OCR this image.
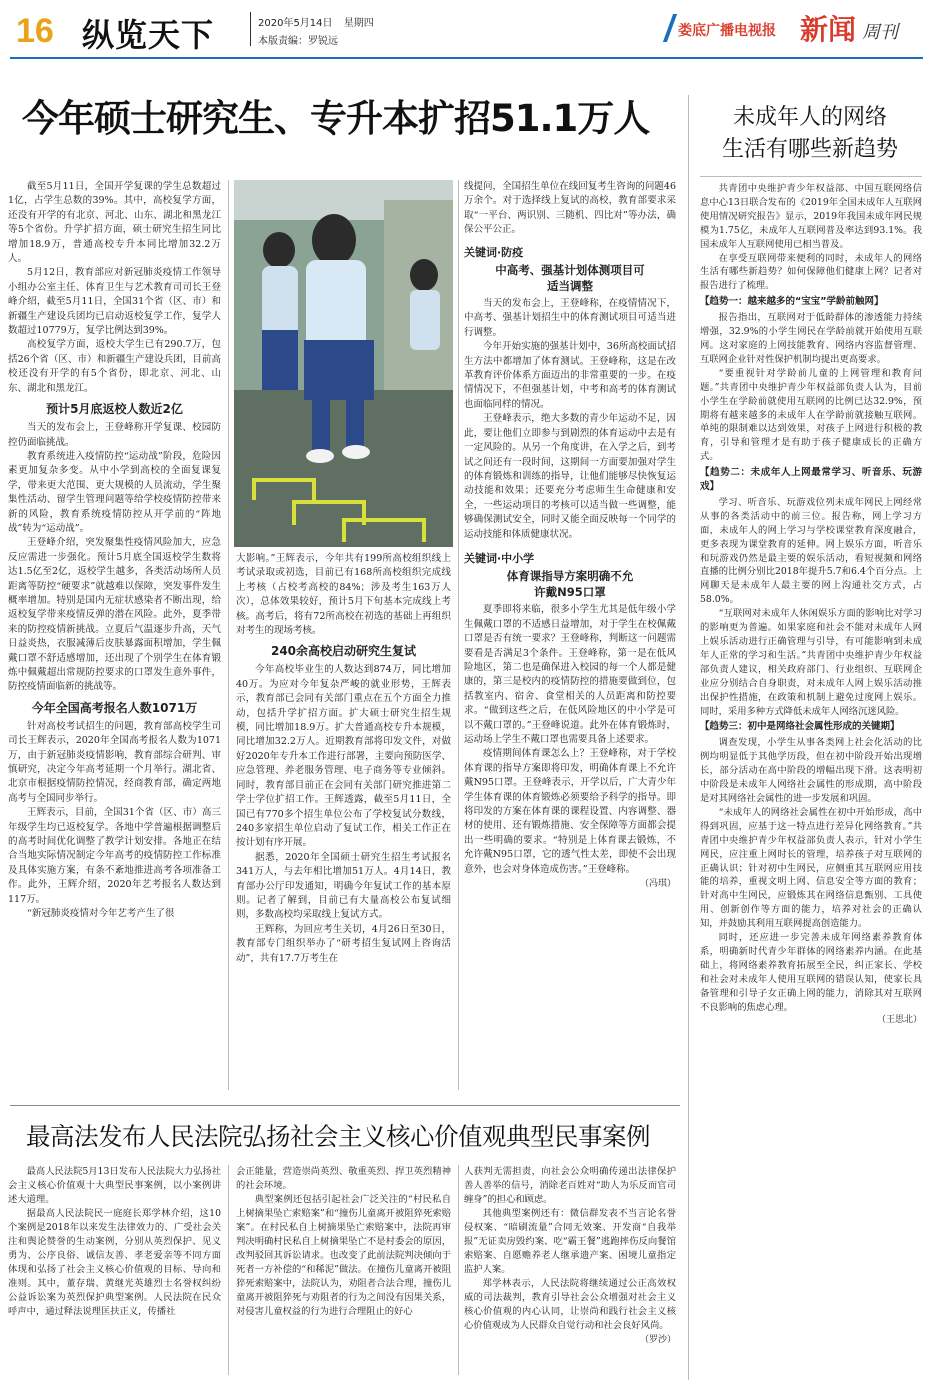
16 纵览天下	2020年5月14日 星期四
本版责编：罗锐远
娄底广播电视报 新闻 周刊
今年硕士研究生、专升本扩招51.1万人

截至5月11日，全国开学复课的学生总数超过1亿，占学生总数的39%。其中，高校复学方面，还没有开学的有北京、河北、山东、湖北和黑龙江等5个省份。升学扩招方面，硕士研究生招生同比增加18.9万，普通高校专升本同比增加32.2万人。

5月12日，教育部应对新冠肺炎疫情工作领导小组办公室主任、体育卫生与艺术教育司司长王登峰介绍，截至5月11日，全国31个省（区、市）和新疆生产建设兵团均已启动返校复学工作，复学人数超过10779万，复学比例达到39%。

高校复学方面，返校大学生已有290.7万，包括26个省（区、市）和新疆生产建设兵团，目前高校还没有开学的有5个省份，即北京、河北、山东、湖北和黑龙江。

预计5月底返校人数近2亿

当天的发布会上，王登峰称开学复课、校园防控仍面临挑战。

教育系统进入疫情防控“运动战”阶段，危险因素更加复杂多变。从中小学到高校的全面复课复学，带来更大范围、更大规模的人员流动，学生聚集性活动、留学生管理问题等给学校疫情防控带来新的风险，教育系统疫情防控从开学前的“阵地战”转为“运动战”。

王登峰介绍，突发聚集性疫情风险加大，应急反应需进一步强化。预计5月底全国返校学生数将达1.5亿至2亿，返校学生越多，各类活动场所人员距离等防控“硬要求”就越难以保障，突发事件发生概率增加。特别是国内无症状感染者不断出现，给返校复学带来疫情反弹的潜在风险。此外，夏季带来的防控疫情新挑战。立夏后气温逐步升高，天气日益炎热，衣服减薄后皮肤暴露面积增加，学生佩戴口罩不舒适感增加，还出现了个别学生在体育锻炼中佩戴超出常规防控要求的口罩发生意外事件，防控疫情面临新的挑战等。

今年全国高考报名人数1071万

针对高校考试招生的问题，教育部高校学生司司长王辉表示，2020年全国高考报名人数为1071万，由于新冠肺炎疫情影响，教育部综合研判、审慎研究，决定今年高考延期一个月举行。湖北省、北京市根据疫情防控情况，经商教育部，确定两地高考与全国同步举行。

王辉表示，目前，全国31个省（区、市）高三年级学生均已返校复学。各地中学普遍根据调整后的高考时间优化调整了教学计划安排。各地正在结合当地实际情况制定今年高考的疫情防控工作标准及具体实施方案，有条不紊地推进高考各项准备工作。此外，王辉介绍，2020年艺考报名人数达到117万。

“新冠肺炎疫情对今年艺考产生了很

大影响。”王辉表示，今年共有199所高校组织线上考试录取或初选，目前已有168所高校组织完成线上考核（占校考高校的84%；涉及考生163万人次），总体效果较好，预计5月下旬基本完成线上考核。高考后，将有72所高校在初选的基础上再组织对考生的现场考核。

240余高校启动研究生复试

今年高校毕业生的人数达到874万，同比增加40万。为应对今年复杂严峻的就业形势，王辉表示，教育部已会同有关部门重点在五个方面全力推动，包括升学扩招方面。扩大硕士研究生招生规模，同比增加18.9万。扩大普通高校专升本规模，同比增加32.2万人。近期教育部将印发文件，对做好2020年专升本工作进行部署，主要向预防医学、应急管理、养老服务管理、电子商务等专业倾斜。同时，教育部目前正在会同有关部门研究推进第二学士学位扩招工作。王辉透露，截至5月11日，全国已有770多个招生单位公布了学校复试分数线，240多家招生单位启动了复试工作，相关工作正在按计划有序开展。

据悉，2020年全国硕士研究生招生考试报名341万人，与去年相比增加51万人。4月14日，教育部办公厅印发通知，明确今年复试工作的基本原则。记者了解到，目前已有大量高校公布复试细则，多数高校均采取线上复试方式。

王辉称，为回应考生关切，4月26日至30日，教育部专门组织举办了“研考招生复试网上咨询活动”，共有17.7万考生在

线提问，全国招生单位在线回复考生咨询的问题46万余个。对于选择线上复试的高校，教育部要求采取“一平台、两识别、三随机、四比对”等办法，确保公平公正。

关键词·防疫
中高考、强基计划体测项目可适当调整

当天的发布会上，王登峰称，在疫情情况下，中高考、强基计划招生中的体育测试项目可适当进行调整。

今年开始实施的强基计划中，36所高校面试招生方法中都增加了体育测试。王登峰称，这是在改革教育评价体系方面迈出的非常重要的一步。在疫情情况下，不但强基计划，中考和高考的体育测试也面临同样的情况。

王登峰表示，绝大多数的青少年运动不足，因此，要让他们立即参与到剧烈的体育运动中去是有一定风险的。从另一个角度讲，在入学之后，到考试之间还有一段时间，这期间一方面要加强对学生的体育锻炼和训练的指导，让他们能够尽快恢复运动技能和效果；还要充分考虑师生生命健康和安全，一些运动项目的考核可以适当做一些调整，能够确保测试安全，同时又能全面反映每一个同学的运动技能和体质健康状况。

关键词·中小学
体育课指导方案明确不允许戴N95口罩

夏季即将来临，很多小学生尤其是低年级小学生佩戴口罩的不适感日益增加，对于学生在校佩戴口罩是否有统一要求？王登峰称，判断这一问题需要看是否满足3个条件。王登峰称，第一是在低风险地区，第二也是确保进入校园的每一个人都是健康的，第三是校内的疫情防控的措施要做到位，包括教室内、宿舍、食堂相关的人员距离和防控要求。“做到这些之后，在低风险地区的中小学是可以不戴口罩的。”王登峰说道。此外在体育锻炼时，运动场上学生不戴口罩也需要具备上述要求。

疫情期间体育课怎么上？王登峰称，对于学校体育课的指导方案即将印发，明确体育课上不允许戴N95口罩。王登峰表示，开学以后，广大青少年学生体育课的体育锻炼必须要给予科学的指导。即将印发的方案在体育课的课程设置、内容调整、器材的使用、还有锻炼措施、安全保障等方面都会提出一些明确的要求。“特别是上体育课去锻炼，不允许戴N95口罩，它的透气性太差，即使不会出现意外，也会对身体造成伤害。”王登峰称。

（冯琪）
未成年人的网络
生活有哪些新趋势

共青团中央维护青少年权益部、中国互联网络信息中心13日联合发布的《2019年全国未成年人互联网使用情况研究报告》显示，2019年我国未成年网民规模为1.75亿，未成年人互联网普及率达到93.1%。我国未成年人互联网使用已相当普及。

在享受互联网带来便利的同时，未成年人的网络生活有哪些新趋势？如何保障他们健康上网？记者对报告进行了梳理。

【趋势一：越来越多的“宝宝”学龄前触网】

报告指出，互联网对于低龄群体的渗透能力持续增强，32.9%的小学生网民在学龄前就开始使用互联网。这对家庭的上网技能教育、网络内容监督管理、互联网企业针对性保护机制均提出更高要求。

“要重视针对学龄前儿童的上网管理和教育问题。”共青团中央维护青少年权益部负责人认为，目前小学生在学龄前就使用互联网的比例已达32.9%，预期将有越来越多的未成年人在学龄前就接触互联网。单纯的限制难以达到效果，对孩子上网进行积极的教育，引导和管理才是有助于孩子健康成长的正确方式。

【趋势二：未成年人上网最常学习、听音乐、玩游戏】

学习、听音乐、玩游戏位列未成年网民上网经常从事的各类活动中的前三位。报告称，网上学习方面，未成年人的网上学习与学校课堂教育深度融合，更多表现为课堂教育的延伸。网上娱乐方面，听音乐和玩游戏仍然是最主要的娱乐活动，看短视频和网络直播的比例分别比2018年提升5.7和6.4个百分点。上网聊天是未成年人最主要的网上沟通社交方式，占58.0%。

“互联网对未成年人休闲娱乐方面的影响比对学习的影响更为普遍。如果家庭和社会不能对未成年人网上娱乐活动进行正确管理与引导，有可能影响到未成年人正常的学习和生活。”共青团中央维护青少年权益部负责人建议，相关政府部门、行业组织、互联网企业应分别结合自身职责，对未成年人网上娱乐活动推出保护性措施，在政策和机制上避免过度网上娱乐。同时，采用多种方式降低未成年人网络沉迷风险。

【趋势三：初中是网络社会属性形成的关键期】

调查发现，小学生从事各类网上社会化活动的比例均明显低于其他学历段，但在初中阶段开始出现增长，部分活动在高中阶段的增幅出现下滑。这表明初中阶段是未成年人网络社会属性的形成期，高中阶段是对其网络社会属性的进一步发展和巩固。

“未成年人的网络社会属性在初中开始形成，高中得到巩固，应基于这一特点进行差异化网络教育。”共青团中央维护青少年权益部负责人表示，针对小学生网民，应注重上网时长的管理，培养孩子对互联网的正确认识；针对初中生网民，应侧重其互联网应用技能的培养，重视文明上网、信息安全等方面的教育；针对高中生网民，应锻炼其在网络信息甄别、工具使用、创新创作等方面的能力，培养对社会的正确认知，并鼓励其利用互联网提高创造能力。

同时，还应进一步完善未成年网络素养教育体系，明确新时代青少年群体的网络素养内涵。在此基础上，将网络素养教育拓展至全民，纠正家长、学校和社会对未成年人使用互联网的错误认知，使家长具备管理和引导子女正确上网的能力，消除其对互联网不良影响的焦虑心理。

（王思北）
最高法发布人民法院弘扬社会主义核心价值观典型民事案例

最高人民法院5月13日发布人民法院大力弘扬社会主义核心价值观十大典型民事案例，以小案例讲述大道理。

据最高人民法院民一庭庭长郑学林介绍，这10个案例是2018年以来发生法律效力的、广受社会关注和舆论赞誉的生动案例，分别从英烈保护、见义勇为、公序良俗、诚信友善、孝老爱亲等不同方面体现和弘扬了社会主义核心价值观的目标、导向和准则。其中，董存瑞、黄继光英雄烈士名誉权纠纷公益诉讼案为英烈保护典型案例。人民法院在民众呼声中，通过释法说理匡扶正义，传播社

会正能量，营造崇尚英烈、敬重英烈、捍卫英烈精神的社会环境。

典型案例还包括引起社会广泛关注的“村民私自上树摘果坠亡索赔案”和“撞伤儿童离开被阻猝死索赔案”。在村民私自上树摘果坠亡索赔案中，法院再审判决明确村民私自上树摘果坠亡不是村委会的原因，改判驳回其诉讼请求。也改变了此前法院判决倾向于死者一方补偿的“和稀泥”做法。在撞伤儿童离开被阻猝死索赔案中，法院认为，劝阻者合法合理，撞伤儿童离开被阻猝死与劝阻者的行为之间没有因果关系，对侵害儿童权益的行为进行合理阻止的好心

人获判无需担责，向社会公众明确传递出法律保护善人善举的信号，消除老百姓对“助人为乐反而官司缠身”的担心和顾虑。

其他典型案例还有：微信群发表不当言论名誉侵权案、“暗刷流量”合同无效案、开发商“自我举报”无证卖房毁约案、吃“霸王餐”逃跑摔伤反向餐馆索赔案、自愿赡养老人继承遗产案、困境儿童指定监护人案。

郑学林表示，人民法院将继续通过公正高效权威的司法裁判，教育引导社会公众增强对社会主义核心价值观的内心认同，让崇尚和践行社会主义核心价值观成为人民群众自觉行动和社会良好风尚。

（罗沙）
